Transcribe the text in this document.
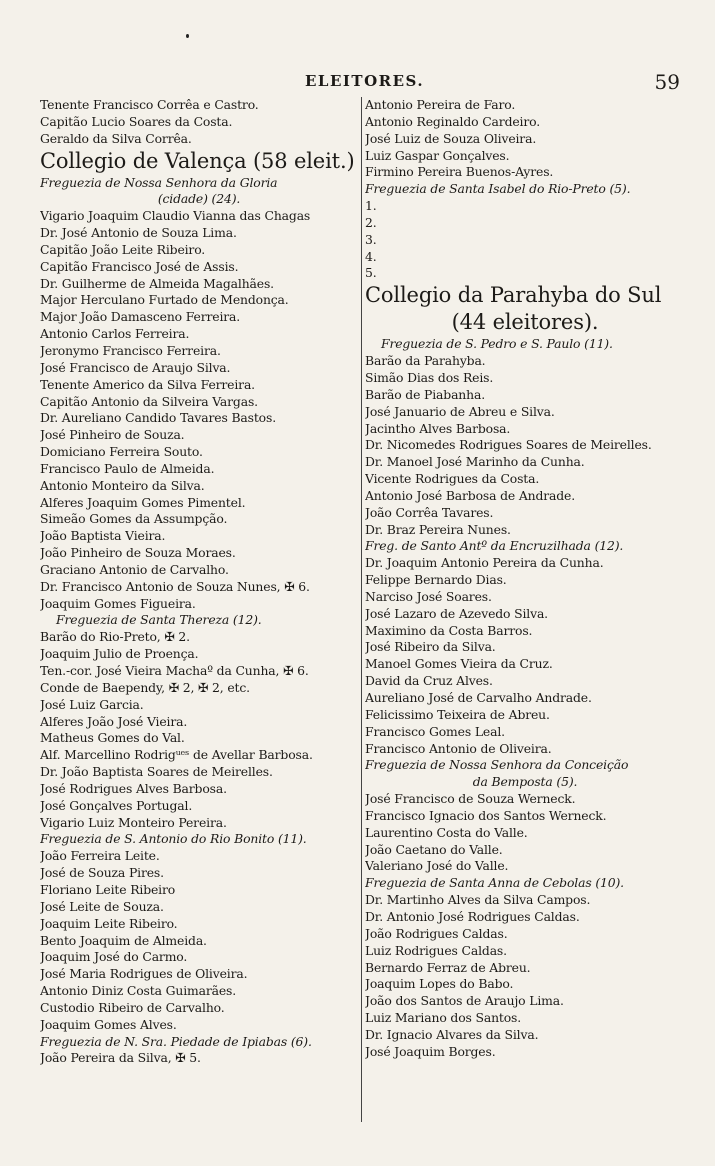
ELEITORES.	59
Tenente Francisco Corrêa e Castro.
Capitão Lucio Soares da Costa.
Geraldo da Silva Corrêa.
Collegio de Valença (58 eleit.)
Freguezia de Nossa Senhora da Gloria
(cidade) (24).
Vigario Joaquim Claudio Vianna das Chagas
Dr. José Antonio de Souza Lima.
Capitão João Leite Ribeiro.
Capitão Francisco José de Assis.
Dr. Guilherme de Almeida Magalhães.
Major Herculano Furtado de Mendonça.
Major João Damasceno Ferreira.
Antonio Carlos Ferreira.
Jeronymo Francisco Ferreira.
José Francisco de Araujo Silva.
Tenente Americo da Silva Ferreira.
Capitão Antonio da Silveira Vargas.
Dr. Aureliano Candido Tavares Bastos.
José Pinheiro de Souza.
Domiciano Ferreira Souto.
Francisco Paulo de Almeida.
Antonio Monteiro da Silva.
Alferes Joaquim Gomes Pimentel.
Simeão Gomes da Assumpção.
João Baptista Vieira.
João Pinheiro de Souza Moraes.
Graciano Antonio de Carvalho.
Dr. Francisco Antonio de Souza Nunes, ✠ 6.
Joaquim Gomes Figueira.
Freguezia de Santa Thereza (12).
Barão do Rio-Preto, ✠ 2.
Joaquim Julio de Proença.
Ten.-cor. José Vieira Machaº da Cunha, ✠ 6.
Conde de Baependy, ✠ 2, ✠ 2, etc.
José Luiz Garcia.
Alferes João José Vieira.
Matheus Gomes do Val.
Alf. Marcellino Rodrigᵘᵉˢ de Avellar Barbosa.
Dr. João Baptista Soares de Meirelles.
José Rodrigues Alves Barbosa.
José Gonçalves Portugal.
Vigario Luiz Monteiro Pereira.
Freguezia de S. Antonio do Rio Bonito (11).
João Ferreira Leite.
José de Souza Pires.
Floriano Leite Ribeiro
José Leite de Souza.
Joaquim Leite Ribeiro.
Bento Joaquim de Almeida.
Joaquim José do Carmo.
José Maria Rodrigues de Oliveira.
Antonio Diniz Costa Guimarães.
Custodio Ribeiro de Carvalho.
Joaquim Gomes Alves.
Freguezia de N. Sra. Piedade de Ipiabas (6).
João Pereira da Silva, ✠ 5.
Antonio Pereira de Faro.
Antonio Reginaldo Cardeiro.
José Luiz de Souza Oliveira.
Luiz Gaspar Gonçalves.
Firmino Pereira Buenos-Ayres.
Freguezia de Santa Isabel do Rio-Preto (5).
1.
2.
3.
4.
5.
Collegio da Parahyba do Sul
(44 eleitores).
Freguezia de S. Pedro e S. Paulo (11).
Barão da Parahyba.
Simão Dias dos Reis.
Barão de Piabanha.
José Januario de Abreu e Silva.
Jacintho Alves Barbosa.
Dr. Nicomedes Rodrigues Soares de Meirelles.
Dr. Manoel José Marinho da Cunha.
Vicente Rodrigues da Costa.
Antonio José Barbosa de Andrade.
João Corrêa Tavares.
Dr. Braz Pereira Nunes.
Freg. de Santo Antº da Encruzilhada (12).
Dr. Joaquim Antonio Pereira da Cunha.
Felippe Bernardo Dias.
Narciso José Soares.
José Lazaro de Azevedo Silva.
Maximino da Costa Barros.
José Ribeiro da Silva.
Manoel Gomes Vieira da Cruz.
David da Cruz Alves.
Aureliano José de Carvalho Andrade.
Felicissimo Teixeira de Abreu.
Francisco Gomes Leal.
Francisco Antonio de Oliveira.
Freguezia de Nossa Senhora da Conceição
da Bemposta (5).
José Francisco de Souza Werneck.
Francisco Ignacio dos Santos Werneck.
Laurentino Costa do Valle.
João Caetano do Valle.
Valeriano José do Valle.
Freguezia de Santa Anna de Cebolas (10).
Dr. Martinho Alves da Silva Campos.
Dr. Antonio José Rodrigues Caldas.
João Rodrigues Caldas.
Luiz Rodrigues Caldas.
Bernardo Ferraz de Abreu.
Joaquim Lopes do Babo.
João dos Santos de Araujo Lima.
Luiz Mariano dos Santos.
Dr. Ignacio Alvares da Silva.
José Joaquim Borges.
